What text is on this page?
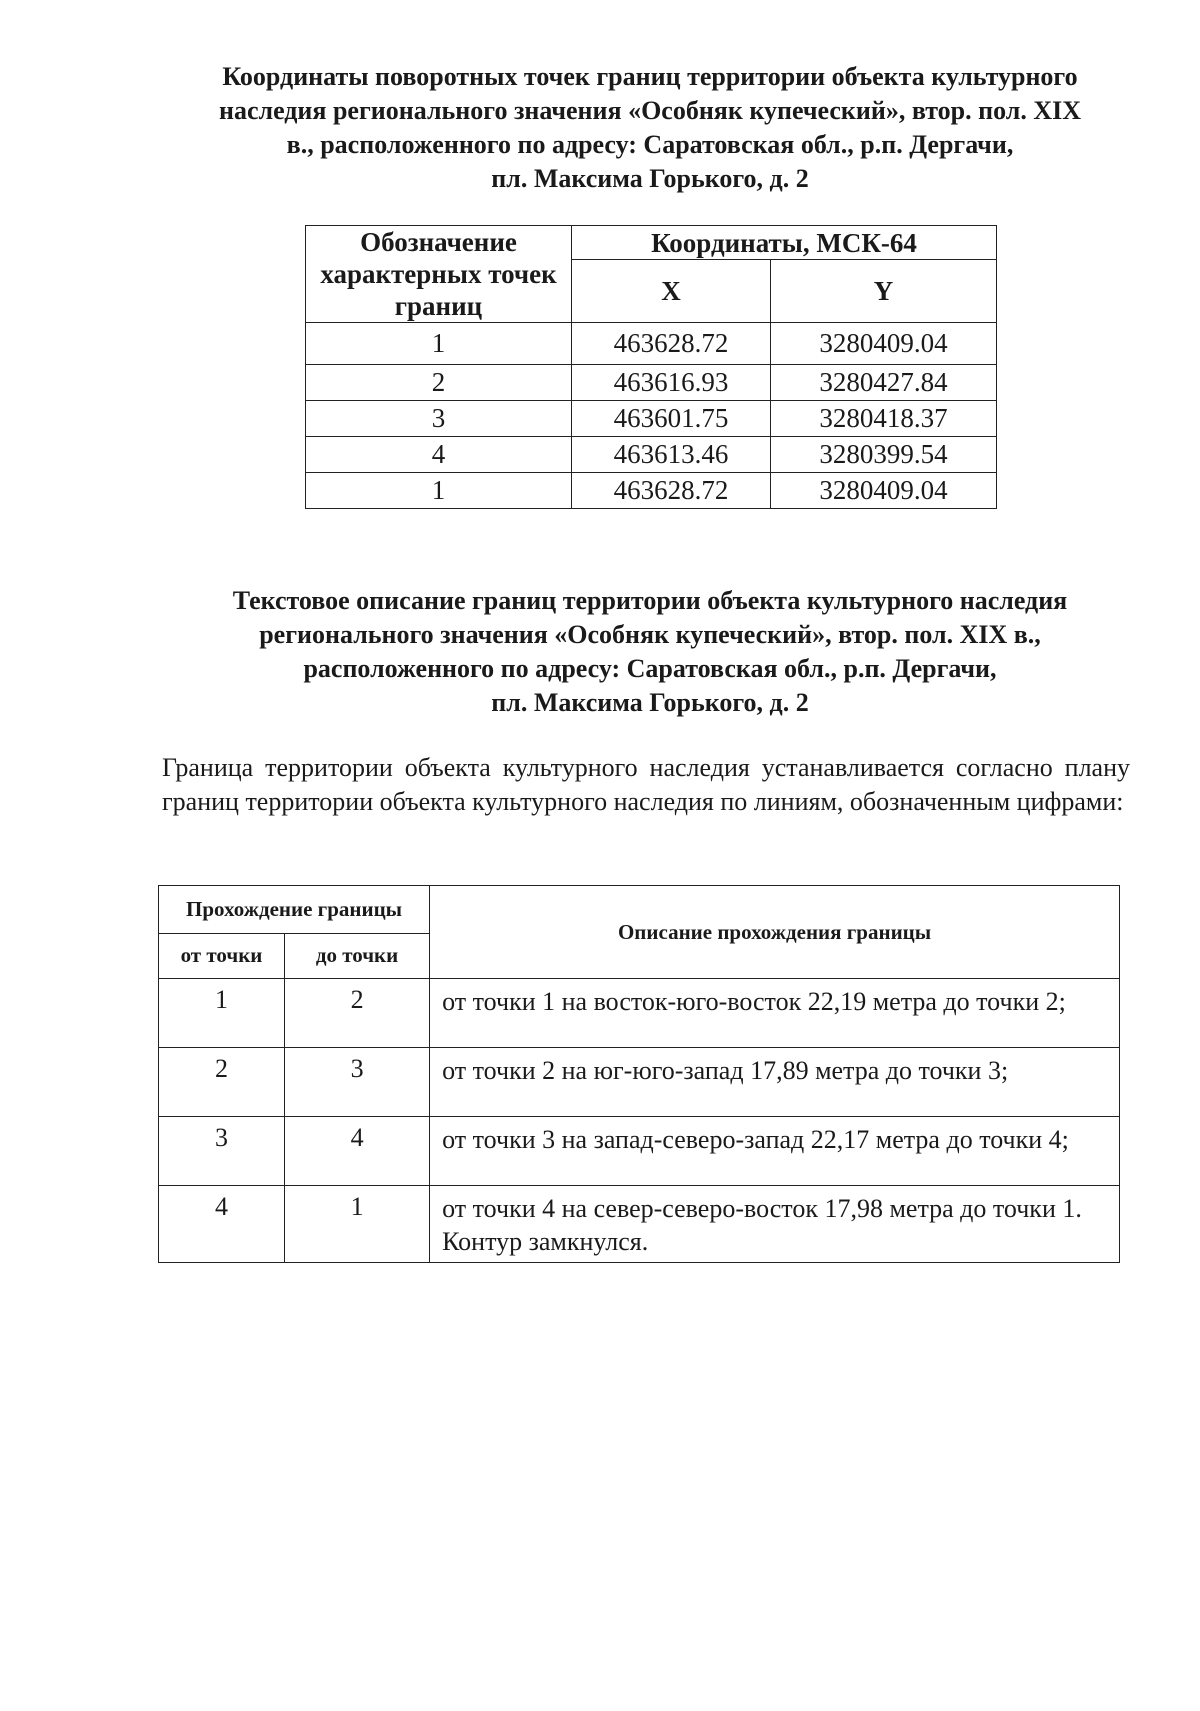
Координаты поворотных точек границ территории объекта культурного
наследия регионального значения «Особняк купеческий», втор. пол. XIX
в., расположенного по адресу: Саратовская обл., р.п. Дергачи,
пл. Максима Горького, д. 2
Обозначение характерных точек границ	Координаты, МСК-64	
	X	Y
1	463628.72	3280409.04
2	463616.93	3280427.84
3	463601.75	3280418.37
4	463613.46	3280399.54
1	463628.72	3280409.04
Текстовое описание границ территории объекта культурного наследия
регионального значения «Особняк купеческий», втор. пол. XIX в.,
расположенного по адресу: Саратовская обл., р.п. Дергачи,
пл. Максима Горького, д. 2
Граница территории объекта культурного наследия устанавливается согласно плану границ территории объекта культурного наследия по линиям, обозначенным цифрами:
Прохождение границы		Описание прохождения границы
от точки	до точки	
1	2	от точки 1 на восток-юго-восток 22,19 метра до точки 2;
2	3	от точки 2 на юг-юго-запад 17,89 метра до точки 3;
3	4	от точки 3 на запад-северо-запад 22,17 метра до точки 4;
4	1	от точки 4 на север-северо-восток 17,98 метра до точки 1. Контур замкнулся.
